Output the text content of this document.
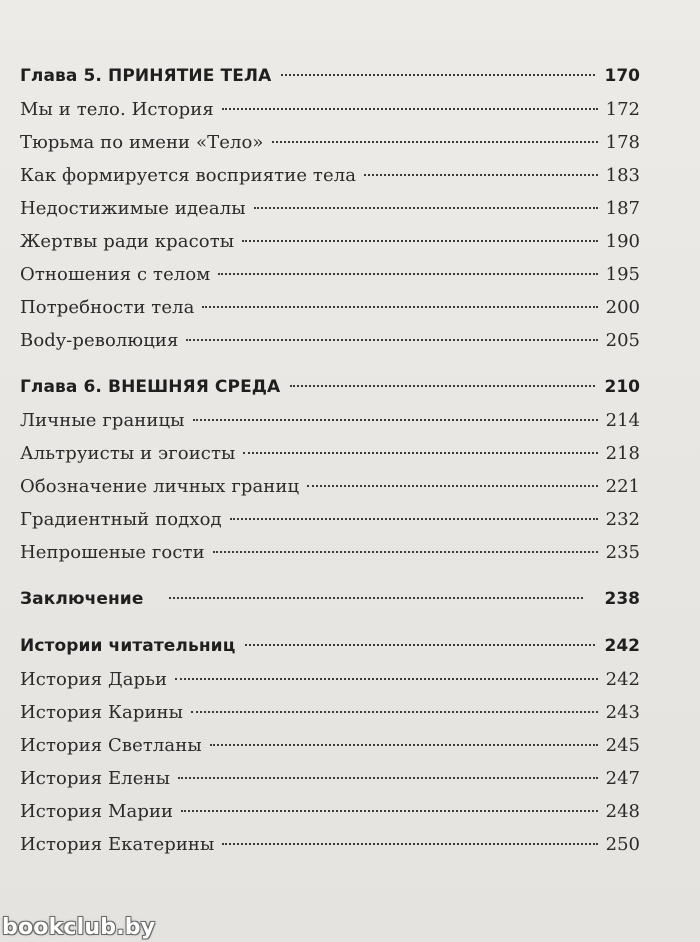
Глава 5. ПРИНЯТИЕ ТЕЛА	170
Мы и тело. История	172
Тюрьма по имени «Тело»	178
Как формируется восприятие тела	183
Недостижимые идеалы	187
Жертвы ради красоты	190
Отношения с телом	195
Потребности тела	200
Body-революция	205
Глава 6. ВНЕШНЯЯ СРЕДА	210
Личные границы	214
Альтруисты и эгоисты	218
Обозначение личных границ	221
Градиентный подход	232
Непрошеные гости	235
Заключение	238
Истории читательниц	242
История Дарьи	242
История Карины	243
История Светланы	245
История Елены	247
История Марии	248
История Екатерины	250
bookclub.by
